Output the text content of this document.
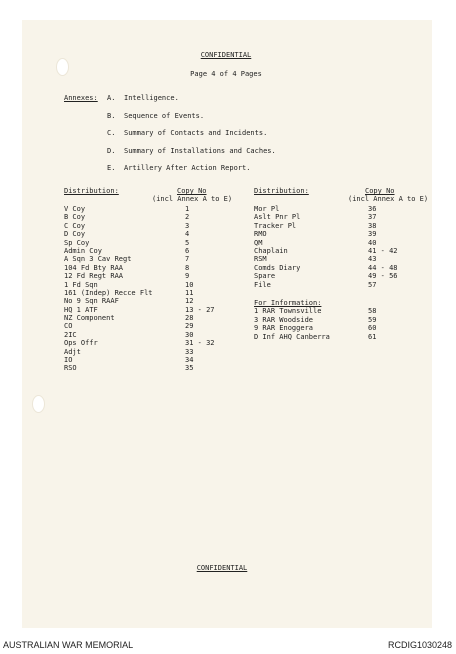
CONFIDENTIAL
Page 4 of 4 Pages
Annexes: A. Intelligence.
B. Sequence of Events.
C. Summary of Contacts and Incidents.
D. Summary of Installations and Caches.
E. Artillery After Action Report.
Distribution:	Copy No
(incl Annex A to E)
V Coy	1
B Coy	2
C Coy	3
D Coy	4
Sp Coy	5
Admin Coy	6
A Sqn 3 Cav Regt	7
104 Fd Bty RAA	8
12 Fd Regt RAA	9
1 Fd Sqn	10
161 (Indep) Recce Flt	11
No 9 Sqn RAAF	12
HQ 1 ATF	13 - 27
NZ Component	28
CO	29
2IC	30
Ops Offr	31 - 32
Adjt	33
IO	34
RSO	35
Distribution:	Copy No
(incl Annex A to E)
Mor Pl	36
Aslt Pnr Pl	37
Tracker Pl	38
RMO	39
QM	40
Chaplain	41 - 42
RSM	43
Comds Diary	44 - 48
Spare	49 - 56
File	57
For Information:
1 RAR Townsville	58
3 RAR Woodside	59
9 RAR Enoggera	60
D Inf AHQ Canberra	61
CONFIDENTIAL
AUSTRALIAN WAR MEMORIAL	RCDIG1030248
